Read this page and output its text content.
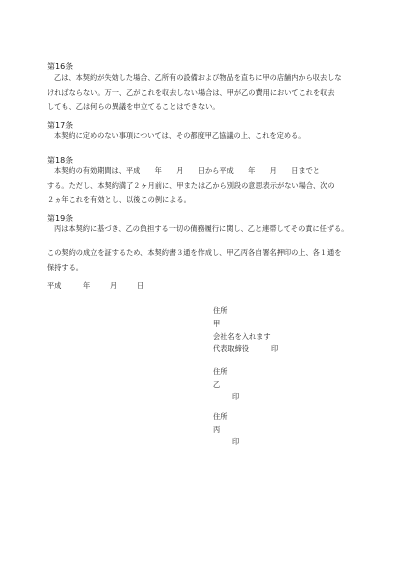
第16条
乙は、本契約が失効した場合、乙所有の設備および物品を直ちに甲の店舗内から収去しな
ければならない。万一、乙がこれを収去しない場合は、甲が乙の費用においてこれを収去
しても、乙は何らの異議を申立てることはできない。
第17条
本契約に定めのない事項については、その都度甲乙協議の上、これを定める。
第18条
本契約の有効期間は、平成　　年　　月　　日から平成　　年　　月　　日までと
する。ただし、本契約満了２ヶ月前に、甲または乙から別段の意思表示がない場合、次の
２ヵ年これを有効とし、以後この例による。
第19条
丙は本契約に基づき、乙の負担する一切の債務履行に関し、乙と連帯してその責に任ずる。
この契約の成立を証するため、本契約書３通を作成し、甲乙丙各自署名押印の上、各１通を
保持する。
平成	年	月	日
住所
甲
会社名を入れます
代表取締役	印
住所
乙
印
住所
丙
印
